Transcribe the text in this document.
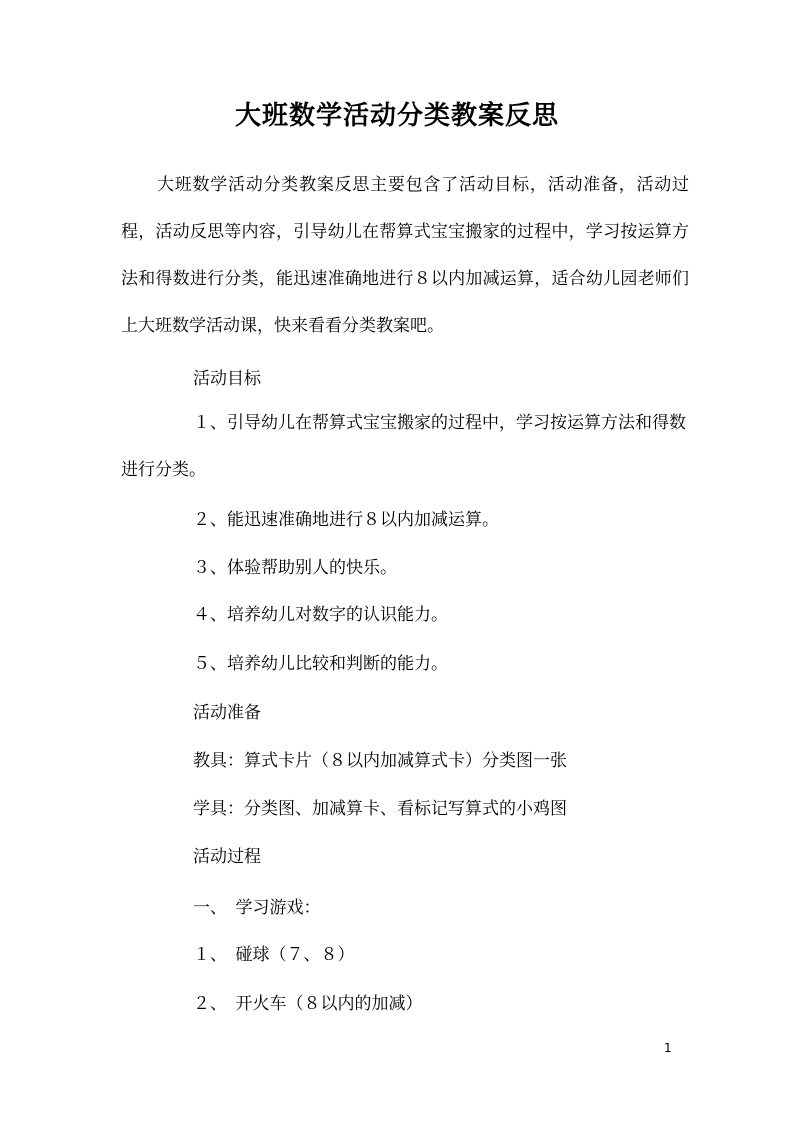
大班数学活动分类教案反思

大班数学活动分类教案反思主要包含了活动目标，活动准备，活动过程，活动反思等内容，引导幼儿在帮算式宝宝搬家的过程中，学习按运算方法和得数进行分类，能迅速准确地进行８以内加减运算，适合幼儿园老师们上大班数学活动课，快来看看分类教案吧。

活动目标

１、引导幼儿在帮算式宝宝搬家的过程中，学习按运算方法和得数进行分类。

２、能迅速准确地进行８以内加减运算。
３、体验帮助别人的快乐。
４、培养幼儿对数字的认识能力。
５、培养幼儿比较和判断的能力。
活动准备
教具：算式卡片（８以内加减算式卡）分类图一张
学具：分类图、加减算卡、看标记写算式的小鸡图
活动过程
一、　学习游戏：
１、　碰球（７、８）
２、　开火车（８以内的加减）
1
